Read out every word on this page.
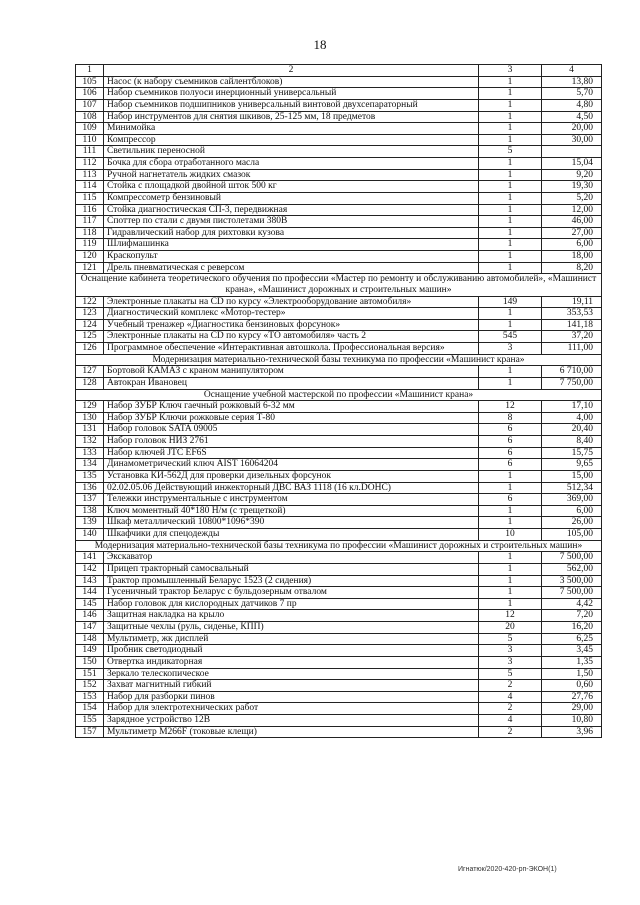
18
1	2	3	4
105	Насос (к набору съемников сайлентблоков)	1	13,80
106	Набор съемников полуоси инерционный универсальный	1	5,70
107	Набор съемников подшипников универсальный винтовой двухсепараторный	1	4,80
108	Набор инструментов для снятия шкивов, 25-125 мм, 18 предметов	1	4,50
109	Минимойка	1	20,00
110	Компрессор	1	30,00
111	Светильник переносной	5	
112	Бочка для сбора отработанного масла	1	15,04
113	Ручной нагнетатель жидких смазок	1	9,20
114	Стойка с площадкой двойной шток 500 кг	1	19,30
115	Компрессометр бензиновый	1	5,20
116	Стойка диагностическая СП-3, передвижная	1	12,00
117	Споттер по стали с двумя пистолетами 380В	1	46,00
118	Гидравлический набор для рихтовки кузова	1	27,00
119	Шлифмашинка	1	6,00
120	Краскопульт	1	18,00
121	Дрель пневматическая с реверсом	1	8,20
Оснащение кабинета теоретического обучения по профессии «Мастер по ремонту и обслуживанию автомобилей», «Машинист крана», «Машинист дорожных и строительных машин»			
122	Электронные плакаты на CD по курсу «Электрооборудование автомобиля»	149	19,11
123	Диагностический комплекс «Мотор-тестер»	1	353,53
124	Учебный тренажер «Диагностика бензиновых форсунок»	1	141,18
125	Электронные плакаты на CD по курсу «ТО автомобиля» часть 2	545	37,20
126	Программное обеспечение «Интерактивная автошкола. Профессиональная версия»	3	111,00
Модернизация материально-технической базы техникума по профессии «Машинист крана»			
127	Бортовой КАМАЗ с краном манипулятором	1	6 710,00
128	Автокран Ивановец	1	7 750,00
Оснащение учебной мастерской по профессии «Машинист крана»			
129	Набор ЗУБР Ключ гаечный рожковый 6-32 мм	12	17,10
130	Набор ЗУБР Ключи рожковые серия Т-80	8	4,00
131	Набор головок SATA 09005	6	20,40
132	Набор головок НИЗ 2761	6	8,40
133	Набор ключей JTC EF6S	6	15,75
134	Динамометрический ключ AIST 16064204	6	9,65
135	Установка КИ-562Д для проверки дизельных форсунок	1	15,00
136	02.02.05.06 Действующий инжекторный ДВС ВАЗ 1118 (16 кл.DOHC)	1	512,34
137	Тележки инструментальные с инструментом	6	369,00
138	Ключ моментный 40*180 Н/м (с трещеткой)	1	6,00
139	Шкаф металлический 10800*1096*390	1	26,00
140	Шкафчики для спецодежды	10	105,00
Модернизация материально-технической базы техникума по профессии «Машинист дорожных и строительных машин»			
141	Экскаватор	1	7 500,00
142	Прицеп тракторный самосвальный	1	562,00
143	Трактор промышленный Беларус 1523 (2 сидения)	1	3 500,00
144	Гусеничный трактор Беларус с бульдозерным отвалом	1	7 500,00
145	Набор головок для кислородных датчиков 7 пр	1	4,42
146	Защитная накладка на крыло	12	7,20
147	Защитные чехлы (руль, сиденье, КПП)	20	16,20
148	Мультиметр, жк дисплей	5	6,25
149	Пробник светодиодный	3	3,45
150	Отвертка индикаторная	3	1,35
151	Зеркало телескопическое	5	1,50
152	Захват магнитный гибкий	2	0,60
153	Набор для разборки пинов	4	27,76
154	Набор для электротехнических работ	2	29,00
155	Зарядное устройство 12В	4	10,80
157	Мультиметр M266F (токовые клещи)	2	3,96
Игнатюк/2020-420-рп-ЭКОН(1)
